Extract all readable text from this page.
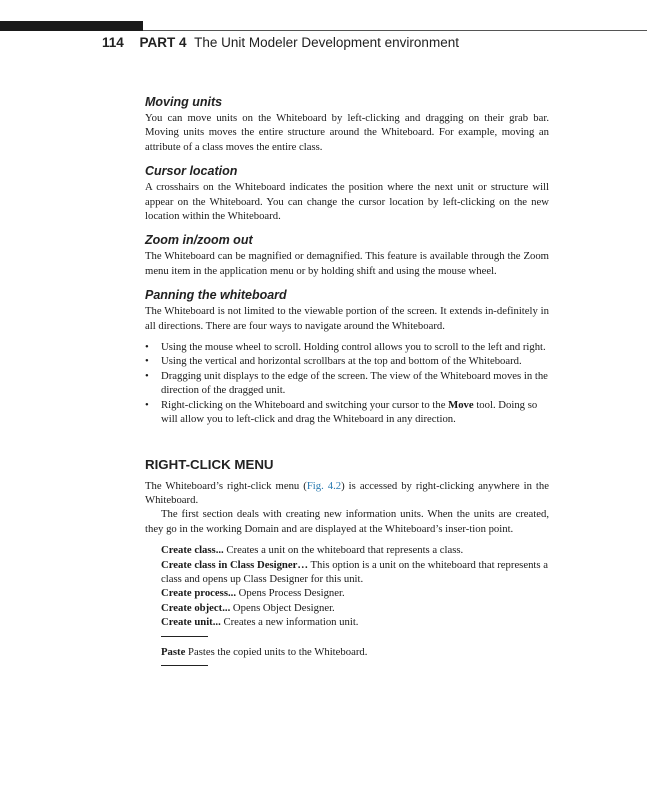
114 PART 4 The Unit Modeler Development environment
Moving units

You can move units on the Whiteboard by left-clicking and dragging on their grab bar. Moving units moves the entire structure around the Whiteboard. For example, moving an attribute of a class moves the entire class.

Cursor location

A crosshairs on the Whiteboard indicates the position where the next unit or structure will appear on the Whiteboard. You can change the cursor location by left-clicking on the new location within the Whiteboard.

Zoom in/zoom out

The Whiteboard can be magnified or demagnified. This feature is available through the Zoom menu item in the application menu or by holding shift and using the mouse wheel.

Panning the whiteboard

The Whiteboard is not limited to the viewable portion of the screen. It extends in-definitely in all directions. There are four ways to navigate around the Whiteboard.

• Using the mouse wheel to scroll. Holding control allows you to scroll to the left and right.
• Using the vertical and horizontal scrollbars at the top and bottom of the Whiteboard.
• Dragging unit displays to the edge of the screen. The view of the Whiteboard moves in the direction of the dragged unit.
• Right-clicking on the Whiteboard and switching your cursor to the Move tool. Doing so will allow you to left-click and drag the Whiteboard in any direction.
RIGHT-CLICK MENU

The Whiteboard’s right-click menu (Fig. 4.2) is accessed by right-clicking anywhere in the Whiteboard.

The first section deals with creating new information units. When the units are created, they go in the working Domain and are displayed at the Whiteboard’s inser-tion point.

Create class... Creates a unit on the whiteboard that represents a class.
Create class in Class Designer… This option is a unit on the whiteboard that represents a class and opens up Class Designer for this unit.
Create process... Opens Process Designer.
Create object... Opens Object Designer.
Create unit... Creates a new information unit.
Paste Pastes the copied units to the Whiteboard.
